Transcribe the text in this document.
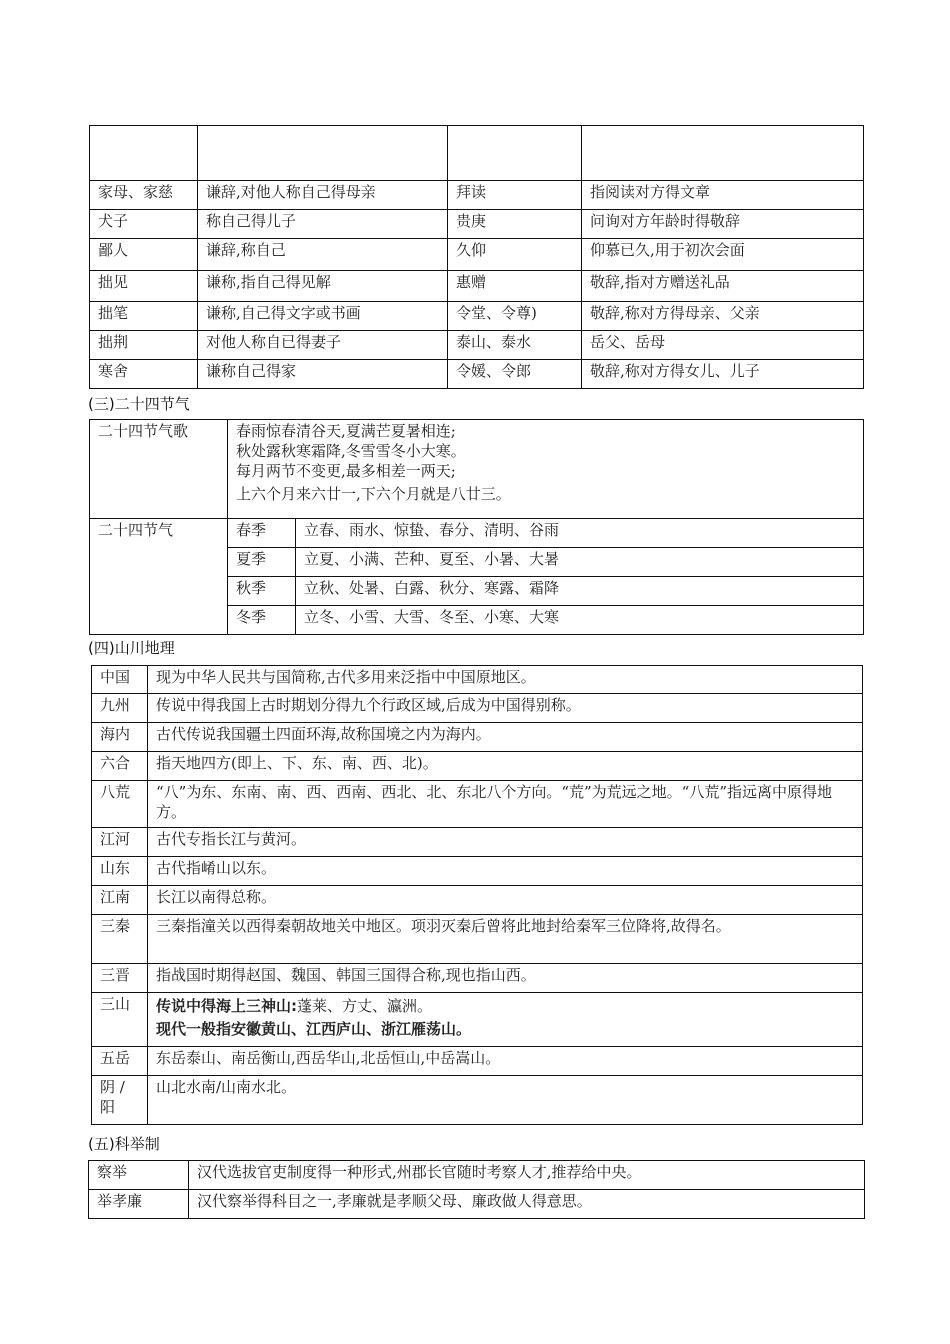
家母、家慈	谦辞,对他人称自己得母亲	拜读	指阅读对方得文章
犬子	称自己得儿子	贵庚	问询对方年龄时得敬辞
鄙人	谦辞,称自己	久仰	仰慕已久,用于初次会面
拙见	谦称,指自己得见解	惠赠	敬辞,指对方赠送礼品
拙笔	谦称,自己得文字或书画	令堂、令尊)	敬辞,称对方得母亲、父亲
拙荆	对他人称自已得妻子	泰山、泰水	岳父、岳母
寒舍	谦称自己得家	令媛、令郎	敬辞,称对方得女儿、儿子
(三)二十四节气
二十四节气歌	春雨惊春清谷天,夏满芒夏暑相连;
秋处露秋寒霜降,冬雪雪冬小大寒。
每月两节不变更,最多相差一两天;
上六个月来六廿一,下六个月就是八廿三。	

二十四节气	春季	立春、雨水、惊蛰、春分、清明、谷雨
	夏季	立夏、小满、芒种、夏至、小暑、大暑
	秋季	立秋、处暑、白露、秋分、寒露、霜降
	冬季	立冬、小雪、大雪、冬至、小寒、大寒
(四)山川地理
中国	现为中华人民共与国简称,古代多用来泛指中中国原地区。
九州	传说中得我国上古时期划分得九个行政区域,后成为中国得别称。
海内	古代传说我国疆土四面环海,故称国境之内为海内。
六合	指天地四方(即上、下、东、南、西、北)。
八荒	“八”为东、东南、南、西、西南、西北、北、东北八个方向。“荒”为荒远之地。“八荒”指远离中原得地方。
江河	古代专指长江与黄河。
山东	古代指崤山以东。
江南	长江以南得总称。
三秦	三秦指潼关以西得秦朝故地关中地区。项羽灭秦后曾将此地封给秦军三位降将,故得名。
三晋	指战国时期得赵国、魏国、韩国三国得合称,现也指山西。
三山	传说中得海上三神山:蓬莱、方丈、瀛洲。
现代一般指安徽黄山、江西庐山、浙江雁荡山。

五岳	东岳泰山、南岳衡山,西岳华山,北岳恒山,中岳嵩山。
阴 / 阳	山北水南/山南水北。
(五)科举制
察举	汉代选拔官吏制度得一种形式,州郡长官随时考察人才,推荐给中央。
举孝廉	汉代察举得科目之一,孝廉就是孝顺父母、廉政做人得意思。
